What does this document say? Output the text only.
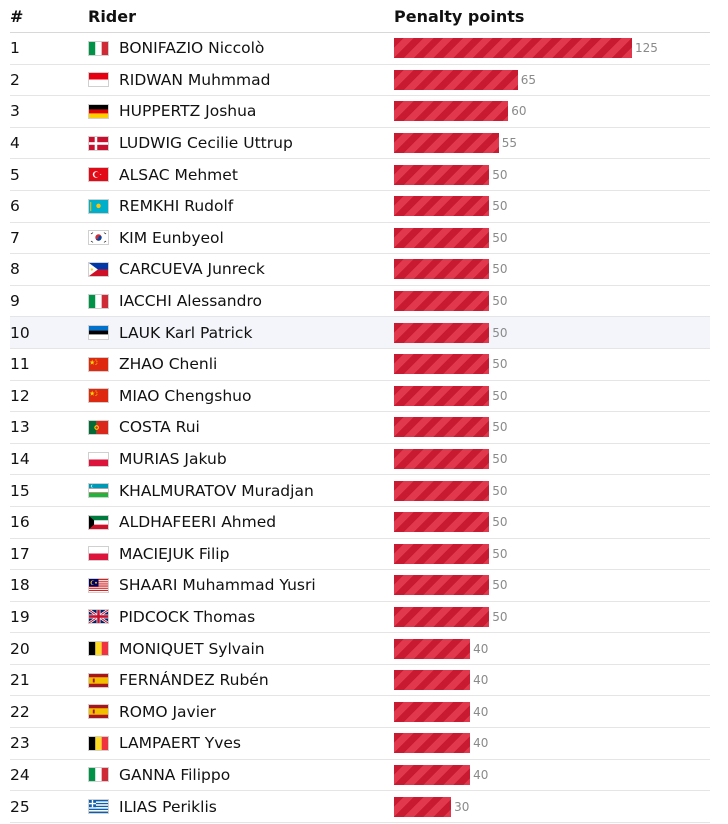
#	Rider	Penalty points
1	BONIFAZIO Niccolò	125
2	RIDWAN Muhmmad	65
3	HUPPERTZ Joshua	60
4	LUDWIG Cecilie Uttrup	55
5	ALSAC Mehmet	50
6	REMKHI Rudolf	50
7	KIM Eunbyeol	50
8	CARCUEVA Junreck	50
9	IACCHI Alessandro	50
10	LAUK Karl Patrick	50
11	ZHAO Chenli	50
12	MIAO Chengshuo	50
13	COSTA Rui	50
14	MURIAS Jakub	50
15	KHALMURATOV Muradjan	50
16	ALDHAFEERI Ahmed	50
17	MACIEJUK Filip	50
18	SHAARI Muhammad Yusri	50
19	PIDCOCK Thomas	50
20	MONIQUET Sylvain	40
21	FERNÁNDEZ Rubén	40
22	ROMO Javier	40
23	LAMPAERT Yves	40
24	GANNA Filippo	40
25	ILIAS Periklis	30
